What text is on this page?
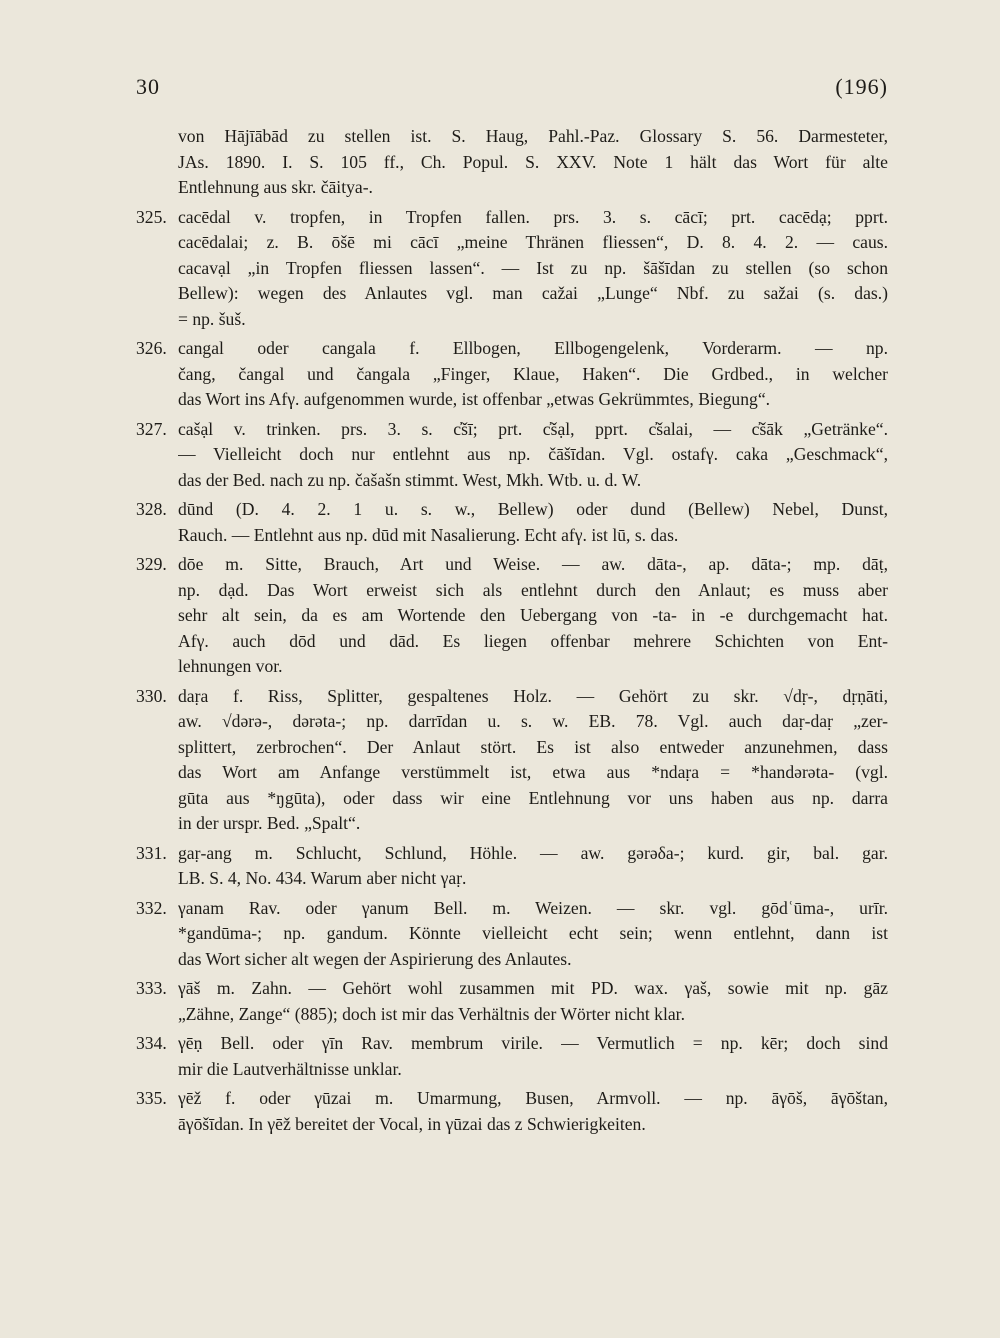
30	(196)
von Hājīābād zu stellen ist. S. Haug, Pahl.-Paz. Glossary S. 56. Darmesteter,
JAs. 1890. I. S. 105 ff., Ch. Popul. S. XXV. Note 1 hält das Wort für alte
Entlehnung aus skr. čāitya-.
325. cacēdal v. tropfen, in Tropfen fallen. prs. 3. s. cācī; prt. cacēdạ; pprt.
cacēdalai; z. B. ōšē mi cācī „meine Thränen fliessen“, D. 8. 4. 2. — caus.
cacavạl „in Tropfen fliessen lassen“. — Ist zu np. šāšīdan zu stellen (so schon
Bellew): wegen des Anlautes vgl. man cažai „Lunge“ Nbf. zu sažai (s. das.)
= np. šuš.
326. cangal oder cangala f. Ellbogen, Ellbogengelenk, Vorderarm. — np.
čang, čangal und čangala „Finger, Klaue, Haken“. Die Grdbed., in welcher
das Wort ins Afγ. aufgenommen wurde, ist offenbar „etwas Gekrümmtes, Biegung“.
327. cašạl v. trinken. prs. 3. s. c̓šī; prt. c̓šạl, pprt. c̓šalai, — c̓šāk „Getränke“.
— Vielleicht doch nur entlehnt aus np. čāšīdan. Vgl. ostafγ. caka „Geschmack“,
das der Bed. nach zu np. čašašn stimmt. West, Mkh. Wtb. u. d. W.
328. dūnd (D. 4. 2. 1 u. s. w., Bellew) oder dund (Bellew) Nebel, Dunst,
Rauch. — Entlehnt aus np. dūd mit Nasalierung. Echt afγ. ist lū, s. das.
329. dōe m. Sitte, Brauch, Art und Weise. — aw. dāta-, ap. dāta-; mp. dāṭ,
np. dạd. Das Wort erweist sich als entlehnt durch den Anlaut; es muss aber
sehr alt sein, da es am Wortende den Uebergang von -ta- in -e durchgemacht hat.
Afγ. auch dōd und dād. Es liegen offenbar mehrere Schichten von Ent-
lehnungen vor.
330. daṛa f. Riss, Splitter, gespaltenes Holz. — Gehört zu skr. √dṛ-, dṛṇāti,
aw. √dərə-, dərəta-; np. darrīdan u. s. w. EB. 78. Vgl. auch daṛ-daṛ „zer-
splittert, zerbrochen“. Der Anlaut stört. Es ist also entweder anzunehmen, dass
das Wort am Anfange verstümmelt ist, etwa aus *ndaṛa = *handərəta- (vgl.
gūta aus *ŋgūta), oder dass wir eine Entlehnung vor uns haben aus np. darra
in der urspr. Bed. „Spalt“.
331. gaṛ-ang m. Schlucht, Schlund, Höhle. — aw. gərəδa-; kurd. gir, bal. gar.
LB. S. 4, No. 434. Warum aber nicht γaṛ.
332. γanam Rav. oder γanum Bell. m. Weizen. — skr. vgl. gōdʿūma-, urīr.
*gandūma-; np. gandum. Könnte vielleicht echt sein; wenn entlehnt, dann ist
das Wort sicher alt wegen der Aspirierung des Anlautes.
333. γāš m. Zahn. — Gehört wohl zusammen mit PD. wax. γaš, sowie mit np. gāz
„Zähne, Zange“ (885); doch ist mir das Verhältnis der Wörter nicht klar.
334. γēṇ Bell. oder γīn Rav. membrum virile. — Vermutlich = np. kēr; doch sind
mir die Lautverhältnisse unklar.
335. γēž f. oder γūzai m. Umarmung, Busen, Armvoll. — np. āγōš, āγōštan,
āγōšīdan. In γēž bereitet der Vocal, in γūzai das z Schwierigkeiten.
